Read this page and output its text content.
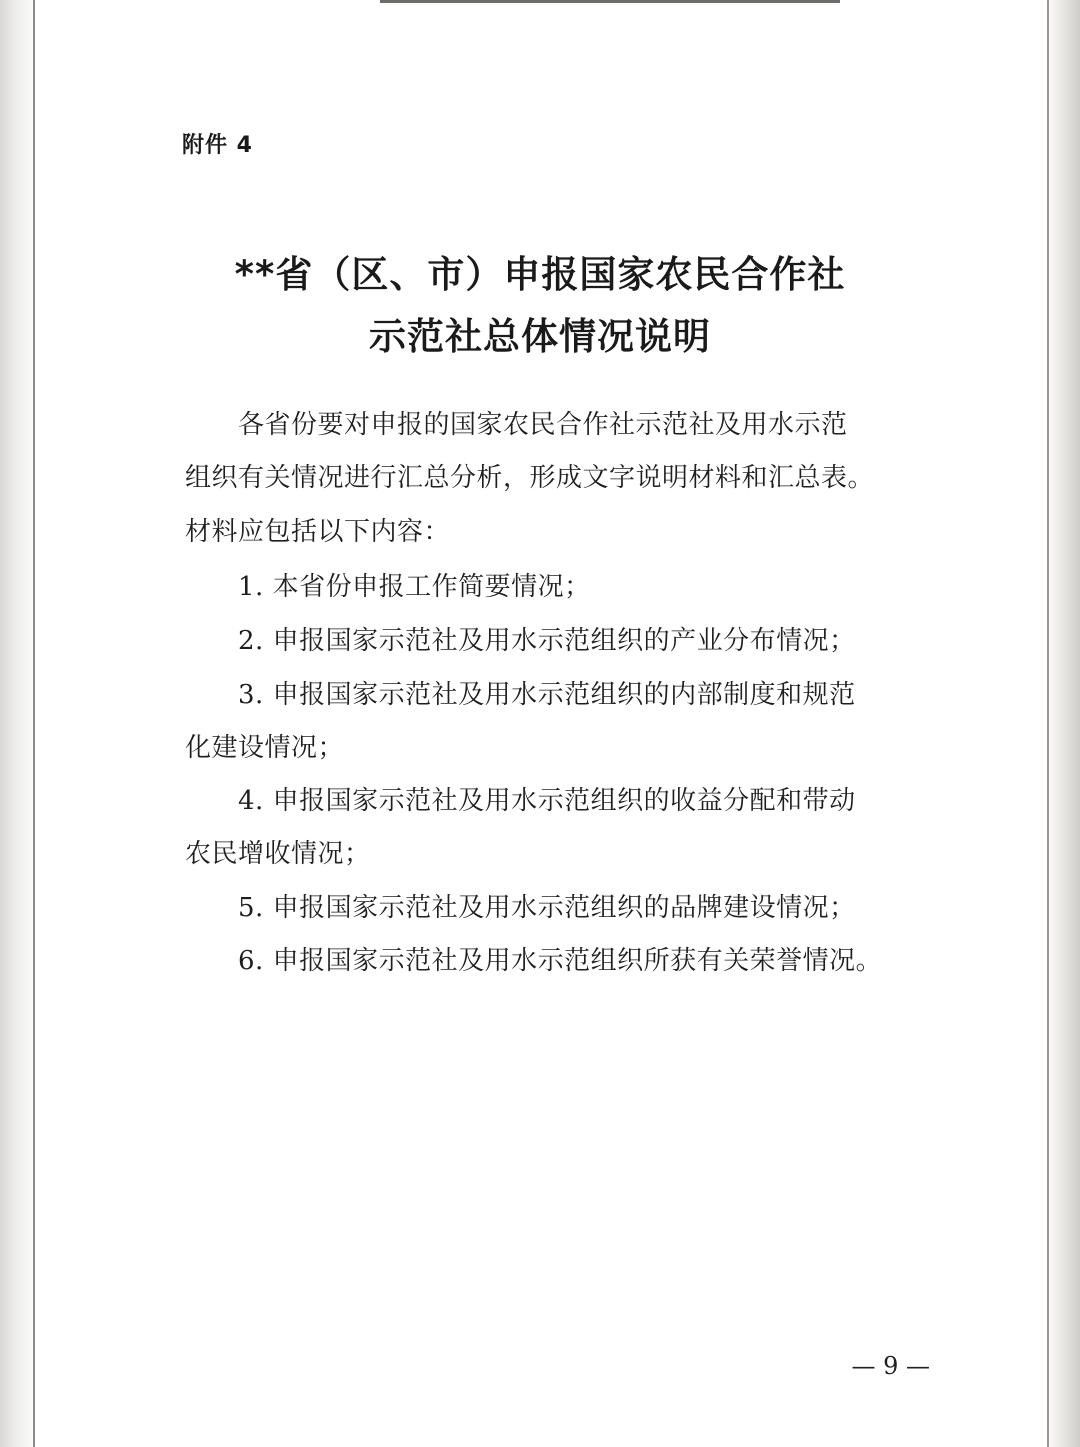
附件 4
**省（区、市）申报国家农民合作社
示范社总体情况说明
各省份要对申报的国家农民合作社示范社及用水示范
组织有关情况进行汇总分析，形成文字说明材料和汇总表。
材料应包括以下内容：
1. 本省份申报工作简要情况；
2. 申报国家示范社及用水示范组织的产业分布情况；
3. 申报国家示范社及用水示范组织的内部制度和规范
化建设情况；
4. 申报国家示范社及用水示范组织的收益分配和带动
农民增收情况；
5. 申报国家示范社及用水示范组织的品牌建设情况；
6. 申报国家示范社及用水示范组织所获有关荣誉情况。
— 9 —
